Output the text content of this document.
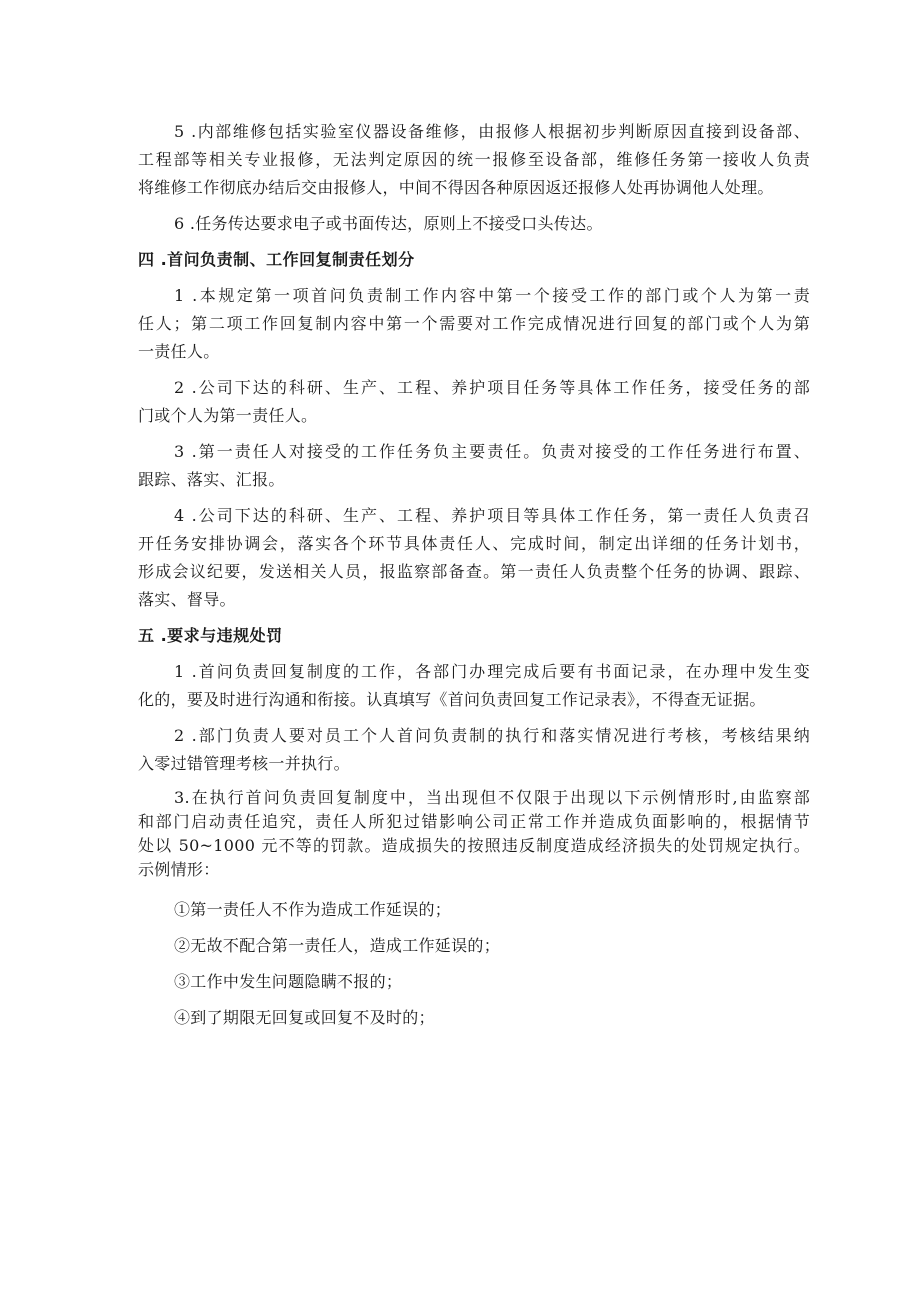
5 .内部维修包括实验室仪器设备维修，由报修人根据初步判断原因直接到设备部、
工程部等相关专业报修，无法判定原因的统一报修至设备部，维修任务第一接收人负责
将维修工作彻底办结后交由报修人，中间不得因各种原因返还报修人处再协调他人处理。
6 .任务传达要求电子或书面传达，原则上不接受口头传达。
四 .首问负责制、工作回复制责任划分
1 .本规定第一项首问负责制工作内容中第一个接受工作的部门或个人为第一责
任人；第二项工作回复制内容中第一个需要对工作完成情况进行回复的部门或个人为第
一责任人。
2 .公司下达的科研、生产、工程、养护项目任务等具体工作任务，接受任务的部
门或个人为第一责任人。
3 .第一责任人对接受的工作任务负主要责任。负责对接受的工作任务进行布置、
跟踪、落实、汇报。
4 .公司下达的科研、生产、工程、养护项目等具体工作任务，第一责任人负责召
开任务安排协调会，落实各个环节具体责任人、完成时间，制定出详细的任务计划书，
形成会议纪要，发送相关人员，报监察部备查。第一责任人负责整个任务的协调、跟踪、
落实、督导。
五 .要求与违规处罚
1 .首问负责回复制度的工作，各部门办理完成后要有书面记录，在办理中发生变
化的，要及时进行沟通和衔接。认真填写《首问负责回复工作记录表》，不得查无证据。
2 .部门负责人要对员工个人首问负责制的执行和落实情况进行考核，考核结果纳
入零过错管理考核一并执行。
3.在执行首问负责回复制度中，当出现但不仅限于出现以下示例情形时,由监察部
和部门启动责任追究，责任人所犯过错影响公司正常工作并造成负面影响的，根据情节
处以 50~1000 元不等的罚款。造成损失的按照违反制度造成经济损失的处罚规定执行。
示例情形：
①第一责任人不作为造成工作延误的；
②无故不配合第一责任人，造成工作延误的；
③工作中发生问题隐瞒不报的；
④到了期限无回复或回复不及时的；
